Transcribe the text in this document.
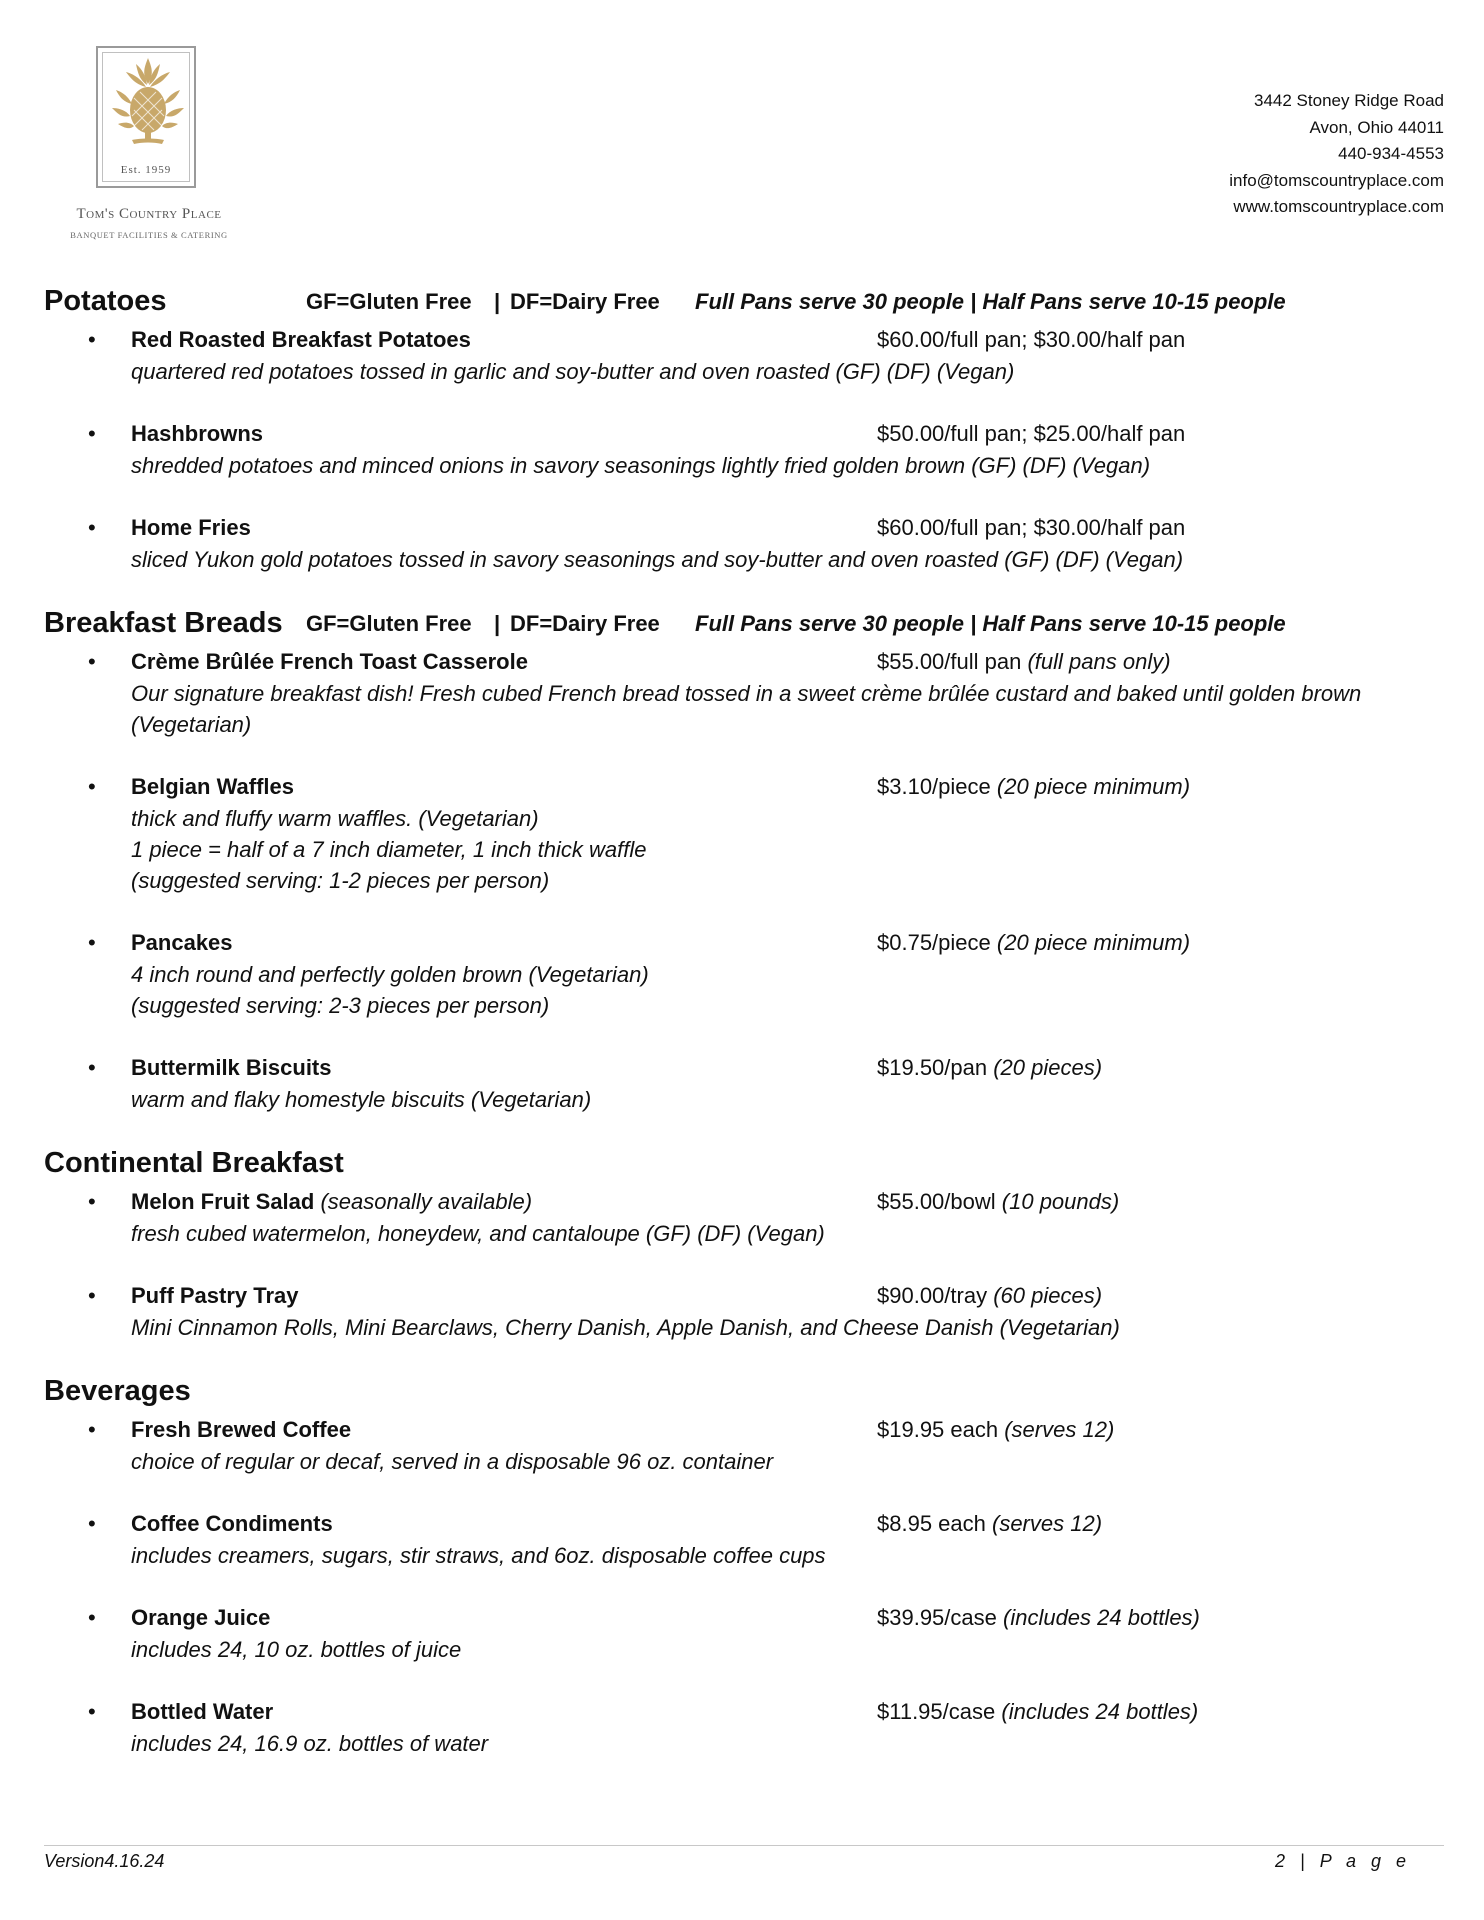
Est. 1959
Tom's Country Place
BANQUET FACILITIES & CATERING
3442 Stoney Ridge Road
Avon, Ohio 44011
440-934-4553
info@tomscountryplace.com
www.tomscountryplace.com
Potatoes	GF=Gluten Free | DF=Dairy Free Full Pans serve 30 people | Half Pans serve 10-15 people
• Red Roasted Breakfast Potatoes	$60.00/full pan; $30.00/half pan
quartered red potatoes tossed in garlic and soy-butter and oven roasted (GF) (DF) (Vegan)
• Hashbrowns	$50.00/full pan; $25.00/half pan
shredded potatoes and minced onions in savory seasonings lightly fried golden brown (GF) (DF) (Vegan)
• Home Fries	$60.00/full pan; $30.00/half pan
sliced Yukon gold potatoes tossed in savory seasonings and soy-butter and oven roasted (GF) (DF) (Vegan)
Breakfast Breads GF=Gluten Free | DF=Dairy Free Full Pans serve 30 people | Half Pans serve 10-15 people
• Crème Brûlée French Toast Casserole	$55.00/full pan (full pans only)
Our signature breakfast dish! Fresh cubed French bread tossed in a sweet crème brûlée custard and baked until golden brown (Vegetarian)
• Belgian Waffles	$3.10/piece (20 piece minimum)
thick and fluffy warm waffles. (Vegetarian)
1 piece = half of a 7 inch diameter, 1 inch thick waffle
(suggested serving: 1-2 pieces per person)
• Pancakes	$0.75/piece (20 piece minimum)
4 inch round and perfectly golden brown (Vegetarian)
(suggested serving: 2-3 pieces per person)
• Buttermilk Biscuits	$19.50/pan (20 pieces)
warm and flaky homestyle biscuits (Vegetarian)
Continental Breakfast
• Melon Fruit Salad (seasonally available)	$55.00/bowl (10 pounds)
fresh cubed watermelon, honeydew, and cantaloupe (GF) (DF) (Vegan)
• Puff Pastry Tray	$90.00/tray (60 pieces)
Mini Cinnamon Rolls, Mini Bearclaws, Cherry Danish, Apple Danish, and Cheese Danish (Vegetarian)
Beverages
• Fresh Brewed Coffee	$19.95 each (serves 12)
choice of regular or decaf, served in a disposable 96 oz. container
• Coffee Condiments	$8.95 each (serves 12)
includes creamers, sugars, stir straws, and 6oz. disposable coffee cups
• Orange Juice	$39.95/case (includes 24 bottles)
includes 24, 10 oz. bottles of juice
• Bottled Water	$11.95/case (includes 24 bottles)
includes 24, 16.9 oz. bottles of water
Version4.16.24	2 | P a g e
